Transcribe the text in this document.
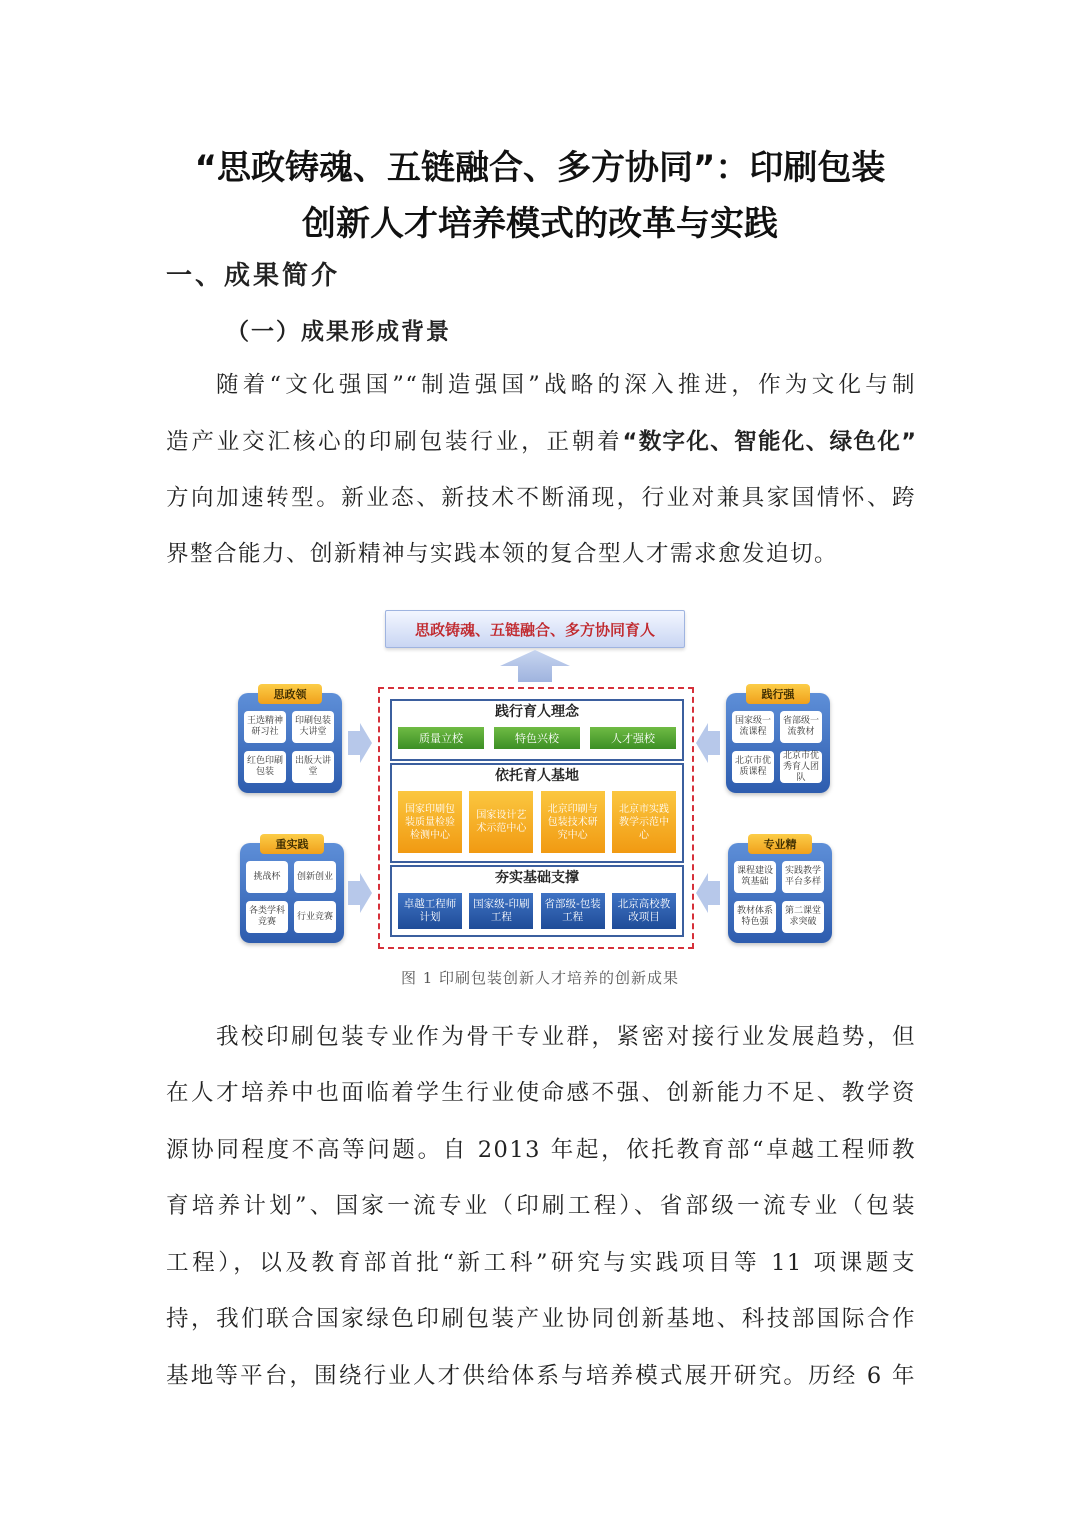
“思政铸魂、五链融合、多方协同”：印刷包装
创新人才培养模式的改革与实践
一、成果简介
（一）成果形成背景
随着“文化强国”“制造强国”战略的深入推进，作为文化与制
造产业交汇核心的印刷包装行业，正朝着“数字化、智能化、绿色化”
方向加速转型。新业态、新技术不断涌现，行业对兼具家国情怀、跨
界整合能力、创新精神与实践本领的复合型人才需求愈发迫切。
思政铸魂、五链融合、多方协同育人
思政领
王选精神研习社
印刷包装大讲堂
红色印刷包装
出版大讲堂
重实践
挑战杯	创新创业
各类学科竞赛
行业竞赛
践行育人理念
质量立校	特色兴校	人才强校
依托育人基地
国家印刷包装质量检验检测中心
国家设计艺术示范中心
北京印刷与包装技术研究中心
北京市实践教学示范中心
夯实基础支撑
卓越工程师计划
国家级-印刷工程
省部级-包装工程
北京高校教改项目
践行强
国家级一流课程
省部级一流教材
北京市优质课程
北京市优秀育人团队
专业精
课程建设筑基础
实践教学平台多样
教材体系特色强
第二课堂求突破
图 1 印刷包装创新人才培养的创新成果
我校印刷包装专业作为骨干专业群，紧密对接行业发展趋势，但
在人才培养中也面临着学生行业使命感不强、创新能力不足、教学资
源协同程度不高等问题。自 2013 年起，依托教育部“卓越工程师教
育培养计划”、国家一流专业（印刷工程）、省部级一流专业（包装
工程），以及教育部首批“新工科”研究与实践项目等 11 项课题支
持，我们联合国家绿色印刷包装产业协同创新基地、科技部国际合作
基地等平台，围绕行业人才供给体系与培养模式展开研究。历经 6 年
